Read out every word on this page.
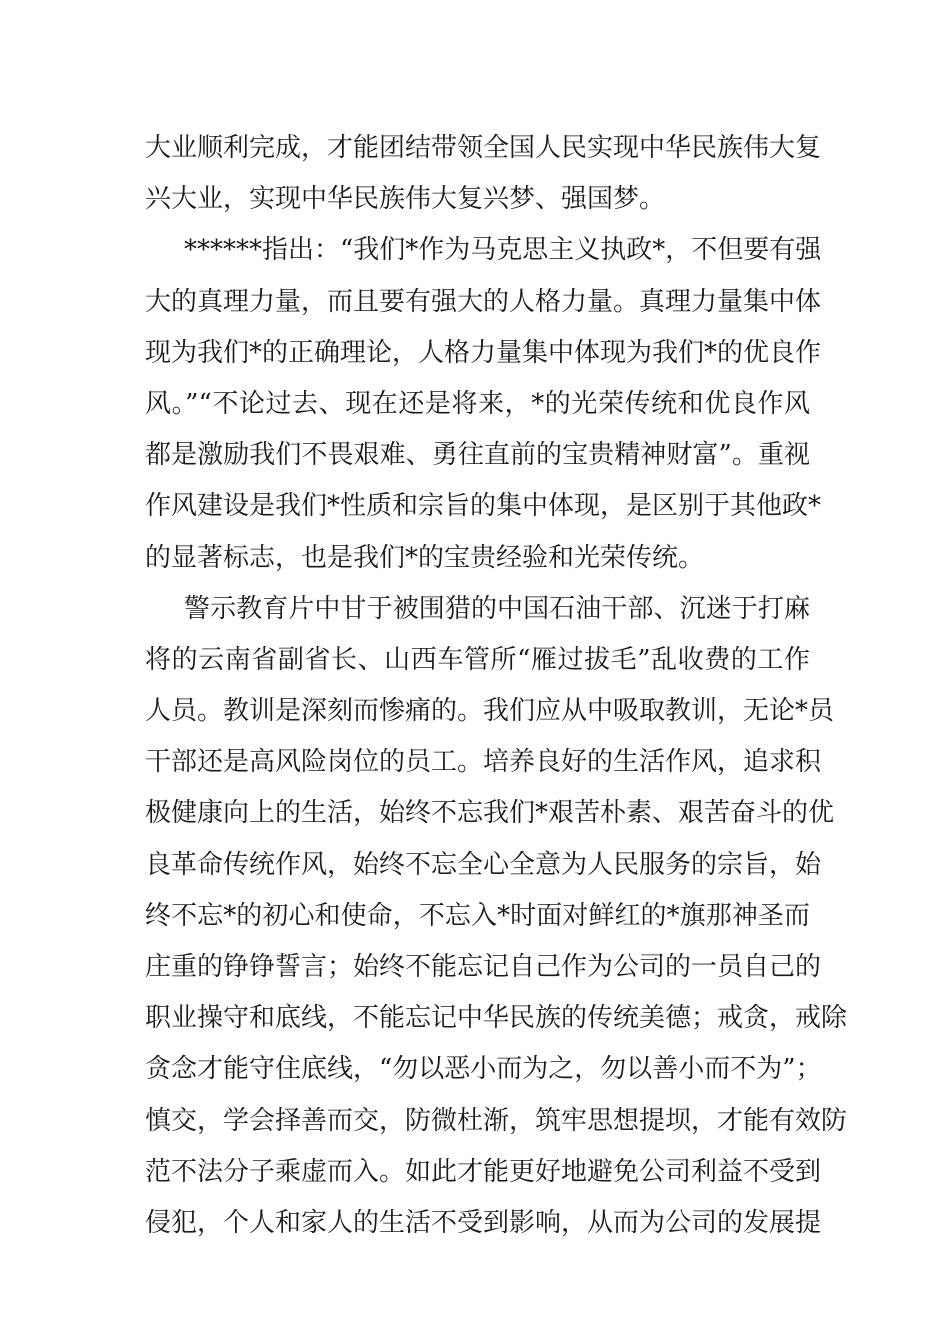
大业顺利完成，才能团结带领全国人民实现中华民族伟大复
兴大业，实现中华民族伟大复兴梦、强国梦。
******指出：“我们*作为马克思主义执政*，不但要有强
大的真理力量，而且要有强大的人格力量。真理力量集中体
现为我们*的正确理论，人格力量集中体现为我们*的优良作
风。”“不论过去、现在还是将来，*的光荣传统和优良作风
都是激励我们不畏艰难、勇往直前的宝贵精神财富”。重视
作风建设是我们*性质和宗旨的集中体现，是区别于其他政*
的显著标志，也是我们*的宝贵经验和光荣传统。
警示教育片中甘于被围猎的中国石油干部、沉迷于打麻
将的云南省副省长、山西车管所“雁过拔毛”乱收费的工作
人员。教训是深刻而惨痛的。我们应从中吸取教训，无论*员
干部还是高风险岗位的员工。培养良好的生活作风，追求积
极健康向上的生活，始终不忘我们*艰苦朴素、艰苦奋斗的优
良革命传统作风，始终不忘全心全意为人民服务的宗旨，始
终不忘*的初心和使命，不忘入*时面对鲜红的*旗那神圣而
庄重的铮铮誓言；始终不能忘记自己作为公司的一员自己的
职业操守和底线，不能忘记中华民族的传统美德；戒贪，戒除
贪念才能守住底线，“勿以恶小而为之，勿以善小而不为”；
慎交，学会择善而交，防微杜渐，筑牢思想提坝，才能有效防
范不法分子乘虚而入。如此才能更好地避免公司利益不受到
侵犯，个人和家人的生活不受到影响，从而为公司的发展提
